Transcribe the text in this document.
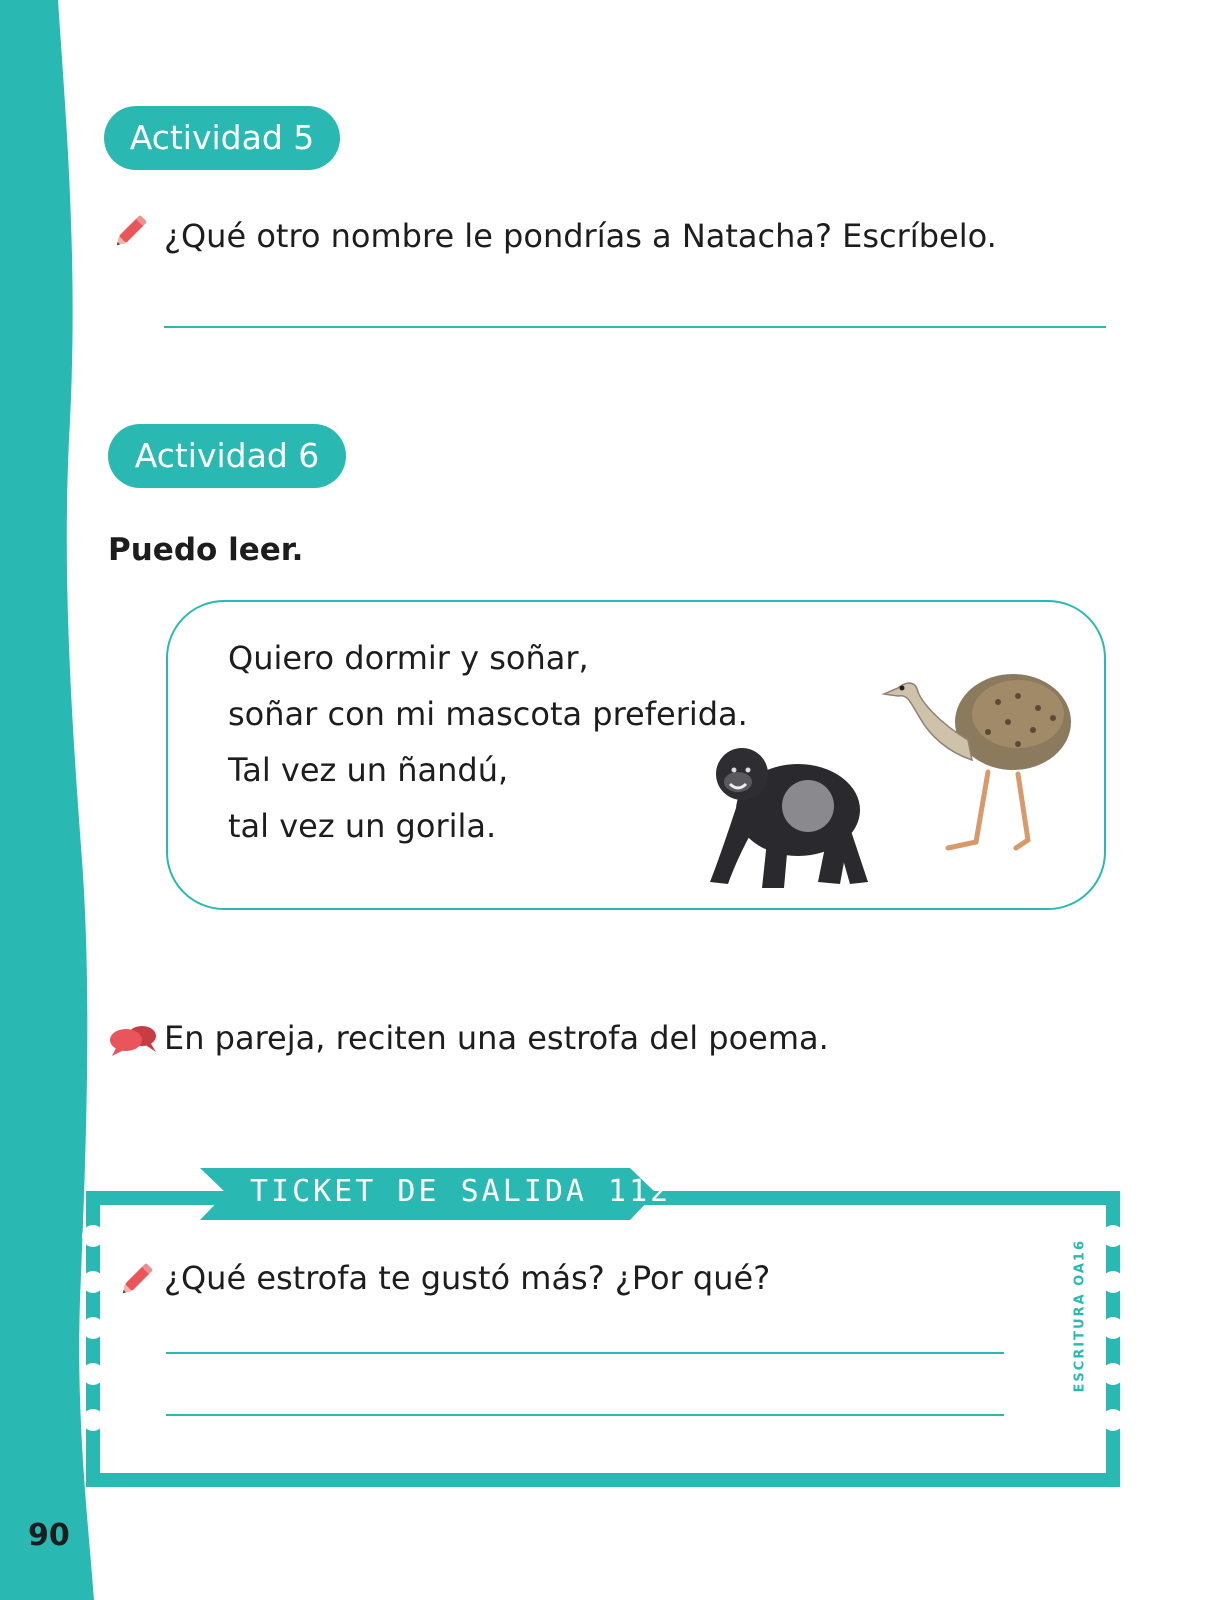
90
Actividad 5
¿Qué otro nombre le pondrías a Natacha? Escríbelo.
Actividad 6
Puedo leer.
Quiero dormir y soñar,
soñar con mi mascota preferida.
Tal vez un ñandú,
tal vez un gorila.
En pareja, reciten una estrofa del poema.
TICKET DE SALIDA 112
¿Qué estrofa te gustó más? ¿Por qué?	ESCRITURA OA16
